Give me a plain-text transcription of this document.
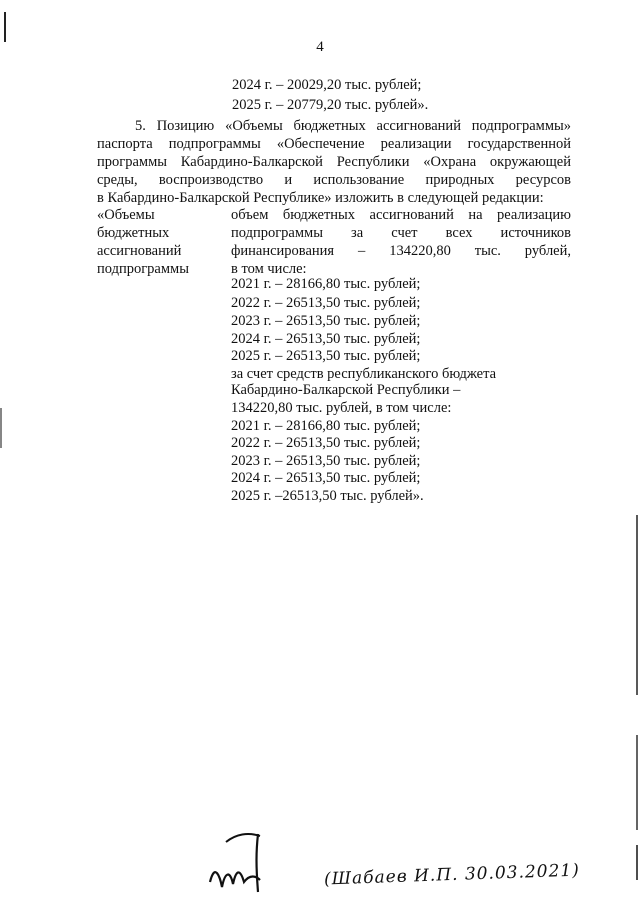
4
2024 г. – 20029,20 тыс. рублей;
2025 г. – 20779,20 тыс. рублей».
5. Позицию «Объемы бюджетных ассигнований подпрограммы»
паспорта подпрограммы «Обеспечение реализации государственной
программы Кабардино-Балкарской Республики «Охрана окружающей
среды, воспроизводство и использование природных ресурсов
в Кабардино-Балкарской Республике» изложить в следующей редакции:
«Объемы
бюджетных
ассигнований
подпрограммы
объем бюджетных ассигнований на реализацию
подпрограммы за счет всех источников
финансирования – 134220,80 тыс. рублей,
в том числе:
2021 г. – 28166,80 тыс. рублей;
2022 г. – 26513,50 тыс. рублей;
2023 г. – 26513,50 тыс. рублей;
2024 г. – 26513,50 тыс. рублей;
2025 г. – 26513,50 тыс. рублей;
за счет средств республиканского бюджета
Кабардино-Балкарской Республики –
134220,80 тыс. рублей, в том числе:
2021 г. – 28166,80 тыс. рублей;
2022 г. – 26513,50 тыс. рублей;
2023 г. – 26513,50 тыс. рублей;
2024 г. – 26513,50 тыс. рублей;
2025 г. –26513,50 тыс. рублей».
(Шабаев И.П. 30.03.2021)
